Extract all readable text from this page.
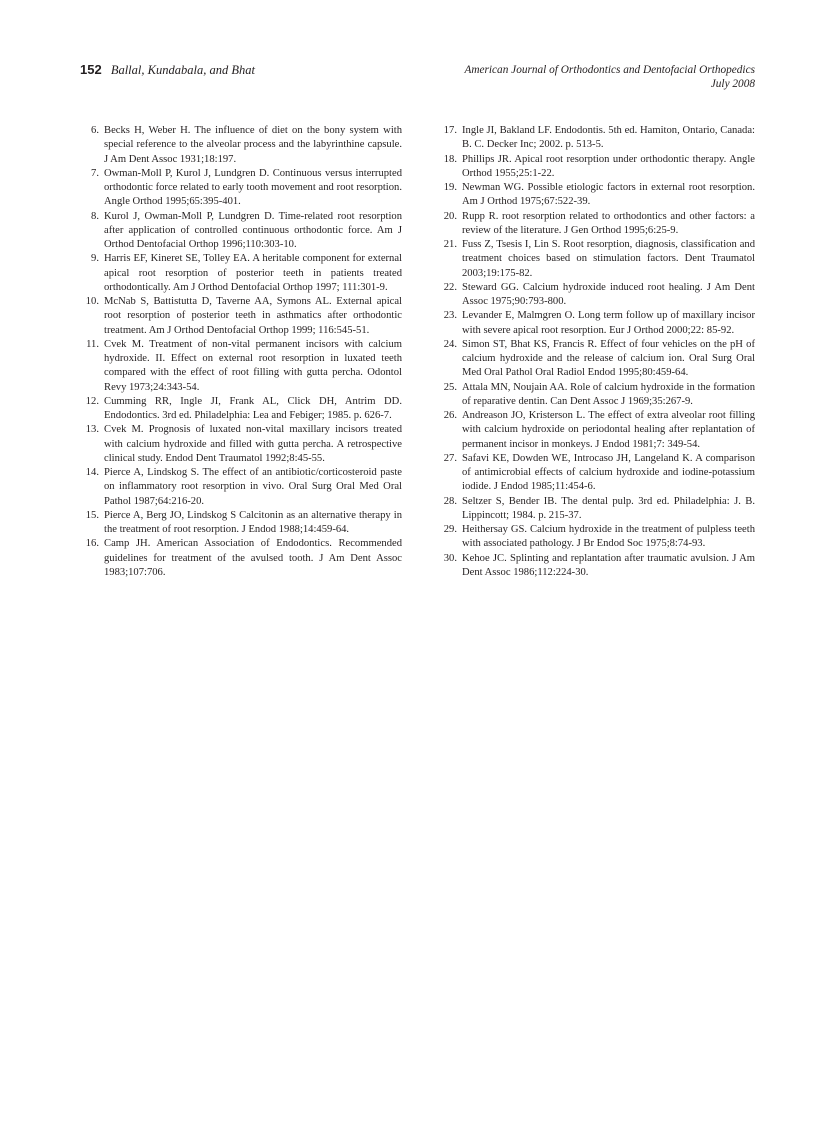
152 Ballal, Kundabala, and Bhat	American Journal of Orthodontics and Dentofacial Orthopedics
July 2008
6. Becks H, Weber H. The influence of diet on the bony system with special reference to the alveolar process and the labyrinthine capsule. J Am Dent Assoc 1931;18:197.
7. Owman-Moll P, Kurol J, Lundgren D. Continuous versus interrupted orthodontic force related to early tooth movement and root resorption. Angle Orthod 1995;65:395-401.
8. Kurol J, Owman-Moll P, Lundgren D. Time-related root resorption after application of controlled continuous orthodontic force. Am J Orthod Dentofacial Orthop 1996;110:303-10.
9. Harris EF, Kineret SE, Tolley EA. A heritable component for external apical root resorption of posterior teeth in patients treated orthodontically. Am J Orthod Dentofacial Orthop 1997; 111:301-9.
10. McNab S, Battistutta D, Taverne AA, Symons AL. External apical root resorption of posterior teeth in asthmatics after orthodontic treatment. Am J Orthod Dentofacial Orthop 1999; 116:545-51.
11. Cvek M. Treatment of non-vital permanent incisors with calcium hydroxide. II. Effect on external root resorption in luxated teeth compared with the effect of root filling with gutta percha. Odontol Revy 1973;24:343-54.
12. Cumming RR, Ingle JI, Frank AL, Click DH, Antrim DD. Endodontics. 3rd ed. Philadelphia: Lea and Febiger; 1985. p. 626-7.
13. Cvek M. Prognosis of luxated non-vital maxillary incisors treated with calcium hydroxide and filled with gutta percha. A retrospective clinical study. Endod Dent Traumatol 1992;8:45-55.
14. Pierce A, Lindskog S. The effect of an antibiotic/corticosteroid paste on inflammatory root resorption in vivo. Oral Surg Oral Med Oral Pathol 1987;64:216-20.
15. Pierce A, Berg JO, Lindskog S Calcitonin as an alternative therapy in the treatment of root resorption. J Endod 1988;14:459-64.
16. Camp JH. American Association of Endodontics. Recommended guidelines for treatment of the avulsed tooth. J Am Dent Assoc 1983;107:706.
17. Ingle JI, Bakland LF. Endodontis. 5th ed. Hamiton, Ontario, Canada: B. C. Decker Inc; 2002. p. 513-5.
18. Phillips JR. Apical root resorption under orthodontic therapy. Angle Orthod 1955;25:1-22.
19. Newman WG. Possible etiologic factors in external root resorption. Am J Orthod 1975;67:522-39.
20. Rupp R. root resorption related to orthodontics and other factors: a review of the literature. J Gen Orthod 1995;6:25-9.
21. Fuss Z, Tsesis I, Lin S. Root resorption, diagnosis, classification and treatment choices based on stimulation factors. Dent Traumatol 2003;19:175-82.
22. Steward GG. Calcium hydroxide induced root healing. J Am Dent Assoc 1975;90:793-800.
23. Levander E, Malmgren O. Long term follow up of maxillary incisor with severe apical root resorption. Eur J Orthod 2000;22: 85-92.
24. Simon ST, Bhat KS, Francis R. Effect of four vehicles on the pH of calcium hydroxide and the release of calcium ion. Oral Surg Oral Med Oral Pathol Oral Radiol Endod 1995;80:459-64.
25. Attala MN, Noujain AA. Role of calcium hydroxide in the formation of reparative dentin. Can Dent Assoc J 1969;35:267-9.
26. Andreason JO, Kristerson L. The effect of extra alveolar root filling with calcium hydroxide on periodontal healing after replantation of permanent incisor in monkeys. J Endod 1981;7: 349-54.
27. Safavi KE, Dowden WE, Introcaso JH, Langeland K. A comparison of antimicrobial effects of calcium hydroxide and iodine-potassium iodide. J Endod 1985;11:454-6.
28. Seltzer S, Bender IB. The dental pulp. 3rd ed. Philadelphia: J. B. Lippincott; 1984. p. 215-37.
29. Heithersay GS. Calcium hydroxide in the treatment of pulpless teeth with associated pathology. J Br Endod Soc 1975;8:74-93.
30. Kehoe JC. Splinting and replantation after traumatic avulsion. J Am Dent Assoc 1986;112:224-30.
